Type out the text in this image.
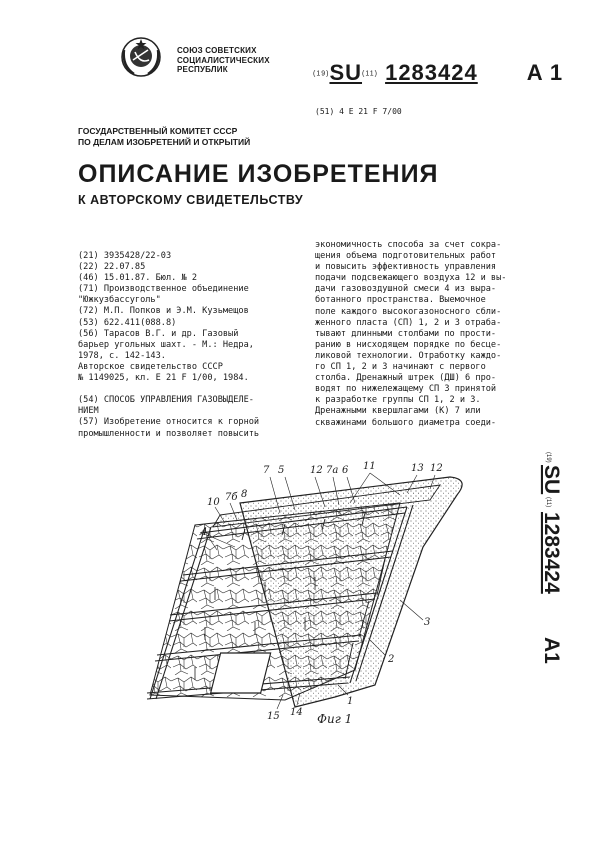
СОЮЗ СОВЕТСКИХ
СОЦИАЛИСТИЧЕСКИХ
РЕСПУБЛИК
(19)SU(11) 1283424 A 1
(51) 4 Е 21 F 7/00
ГОСУДАРСТВЕННЫЙ КОМИТЕТ СССР
ПО ДЕЛАМ ИЗОБРЕТЕНИЙ И ОТКРЫТИЙ
ОПИСАНИЕ ИЗОБРЕТЕНИЯ
К АВТОРСКОМУ СВИДЕТЕЛЬСТВУ
(21) 3935428/22-03
(22) 22.07.85
(46) 15.01.87. Бюл. № 2
(71) Производственное объединение
"Южкузбассуголь"
(72) М.П. Попков и Э.М. Кузьмещов
(53) 622.411(088.8)
(56) Тарасов В.Г. и др. Газовый
барьер угольных шахт. - М.: Недра,
1978, с. 142-143.
Авторское свидетельство СССР
№ 1149025, кл. Е 21 F 1/00, 1984.

(54) СПОСОБ УПРАВЛЕНИЯ ГАЗОВЫДЕЛЕ-
НИЕМ
(57) Изобретение относится к горной
промышленности и позволяет повысить
экономичность способа за счет сокра-
щения объема подготовительных работ
и повысить эффективность управления
подачи подсвежающего воздуха 12 и вы-
дачи газовоздушной смеси 4 из выра-
ботанного пространства. Выемочное
поле каждого высокогазоносного сбли-
женного пласта (СП) 1, 2 и 3 отраба-
тывают длинными столбами по прости-
ранию в нисходящем порядке по бесце-
ликовой технологии. Отработку каждо-
го СП 1, 2 и 3 начинают с первого
столба. Дренажный штрек (ДШ) 6 про-
водят по нижележащему СП 3 принятой
к разработке группы СП 1, 2 и 3.
Дренажными квершлагами (К) 7 или
скважинами большого диаметра соеди-
(19)
SU
(11)
1283424
A1
7 5	12 7а 6 11	13 12
10 7б 8
4
3
2
1
15 14 Фиг 1
